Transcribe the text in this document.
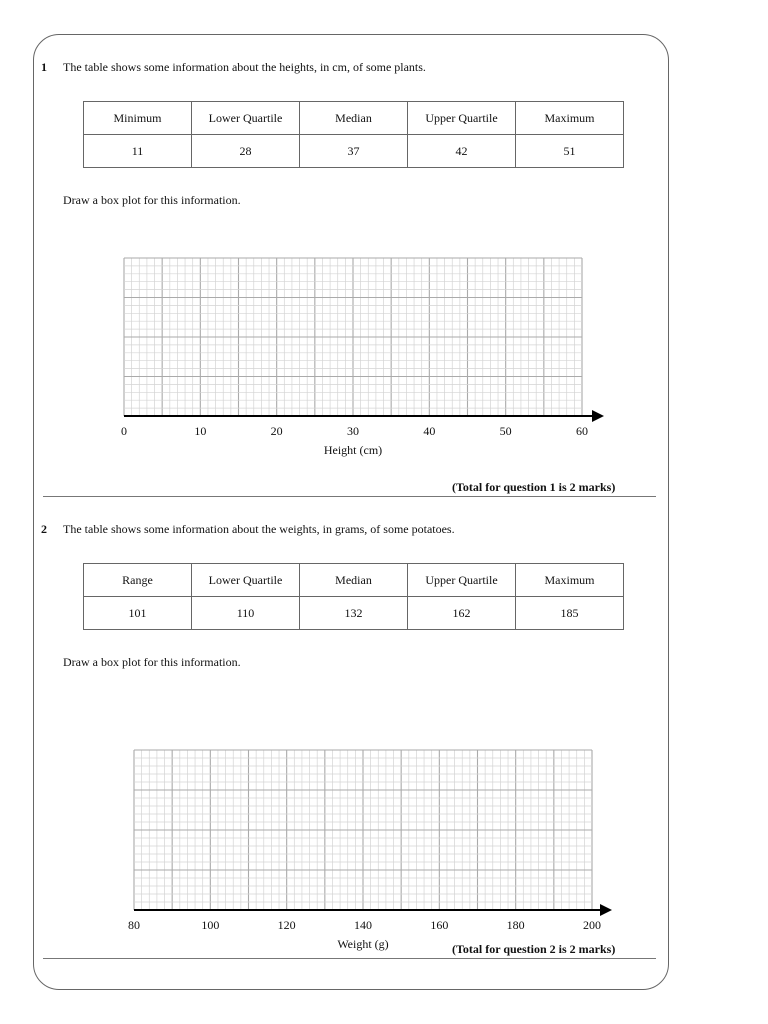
1 The table shows some information about the heights, in cm, of some plants.
Minimum	Lower Quartile	Median	Upper Quartile	Maximum
11	28	37	42	51
Draw a box plot for this information.
0	10	20	30	40	50	60
Height (cm)
(Total for question 1 is 2 marks)
2 The table shows some information about the weights, in grams, of some potatoes.
Range	Lower Quartile	Median	Upper Quartile	Maximum
101	110	132	162	185
Draw a box plot for this information.
80	100	120	140	160	180	200
Weight (g)	(Total for question 2 is 2 marks)
